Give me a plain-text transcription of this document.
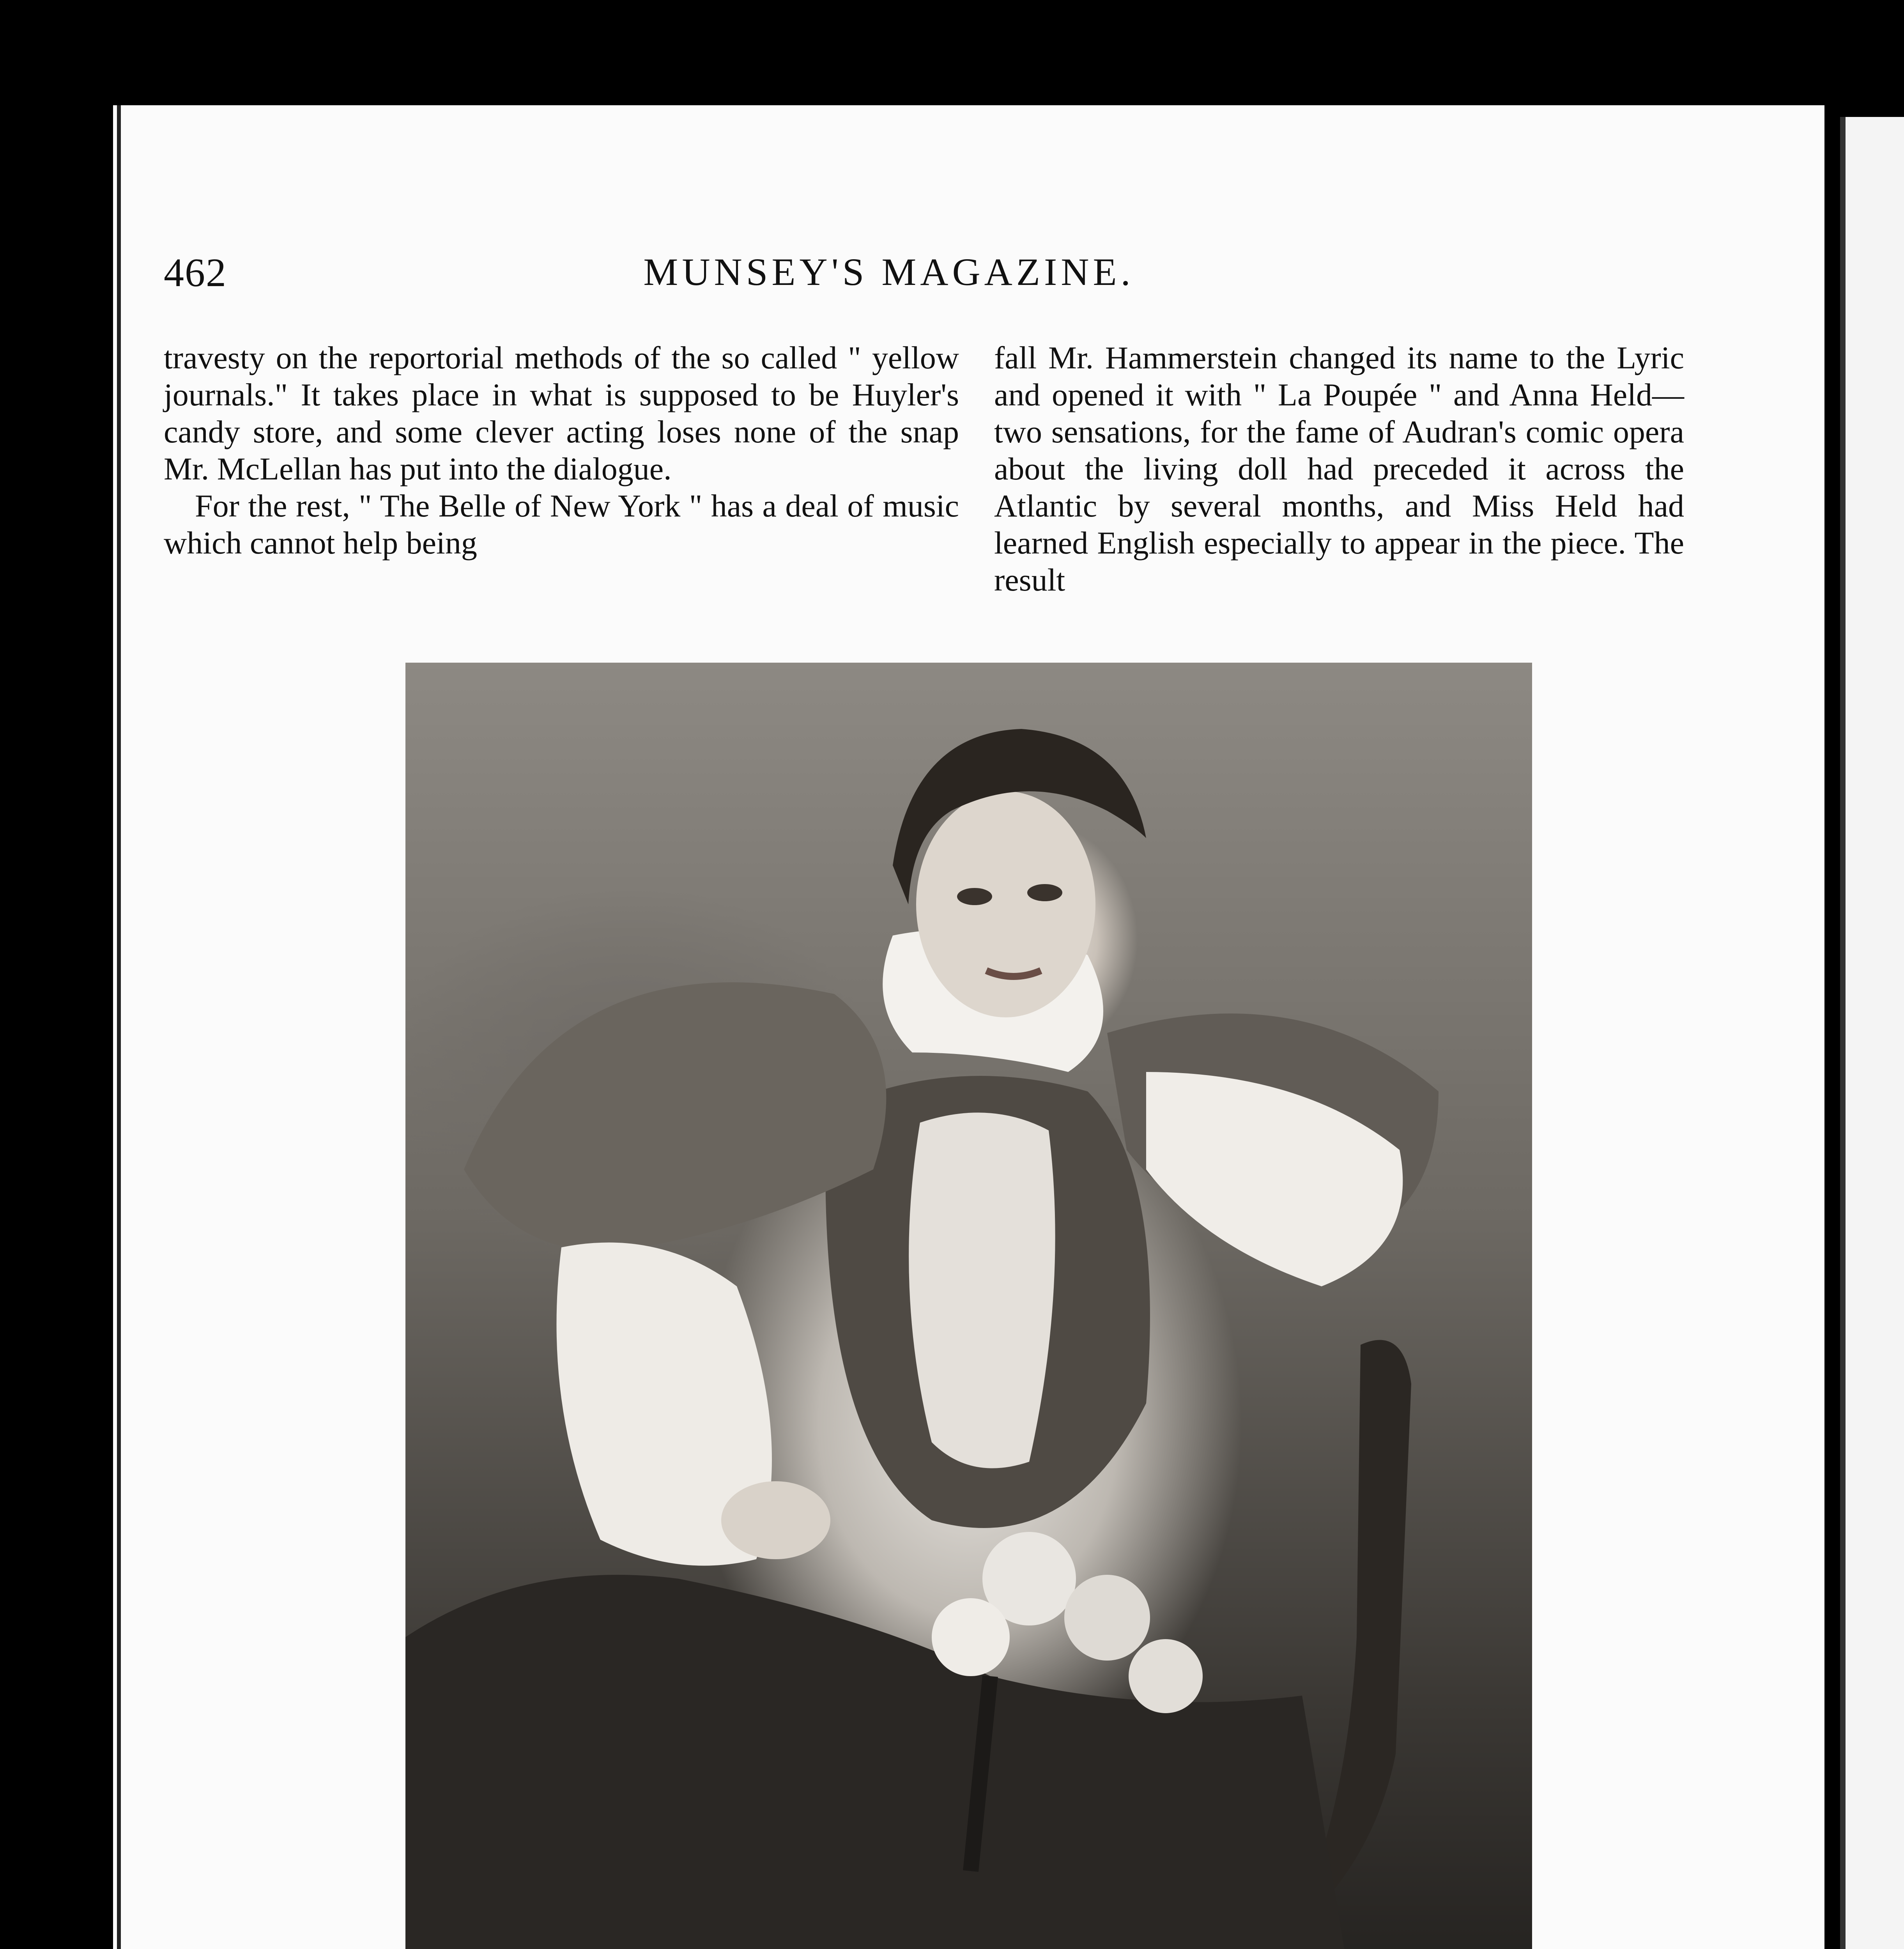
462	MUNSEY'S MAGAZINE.

travesty on the reportorial methods of the so called " yellow journals." It takes place in what is supposed to be Huyler's candy store, and some clever acting loses none of the snap Mr. McLellan has put into the dialogue.

For the rest, " The Belle of New York " has a deal of music which cannot help being

fall Mr. Hammerstein changed its name to the Lyric and opened it with " La Poupée " and Anna Held—two sensations, for the fame of Audran's comic opera about the living doll had preceded it across the Atlantic by several months, and Miss Held had learned English especially to appear in the piece. The result
